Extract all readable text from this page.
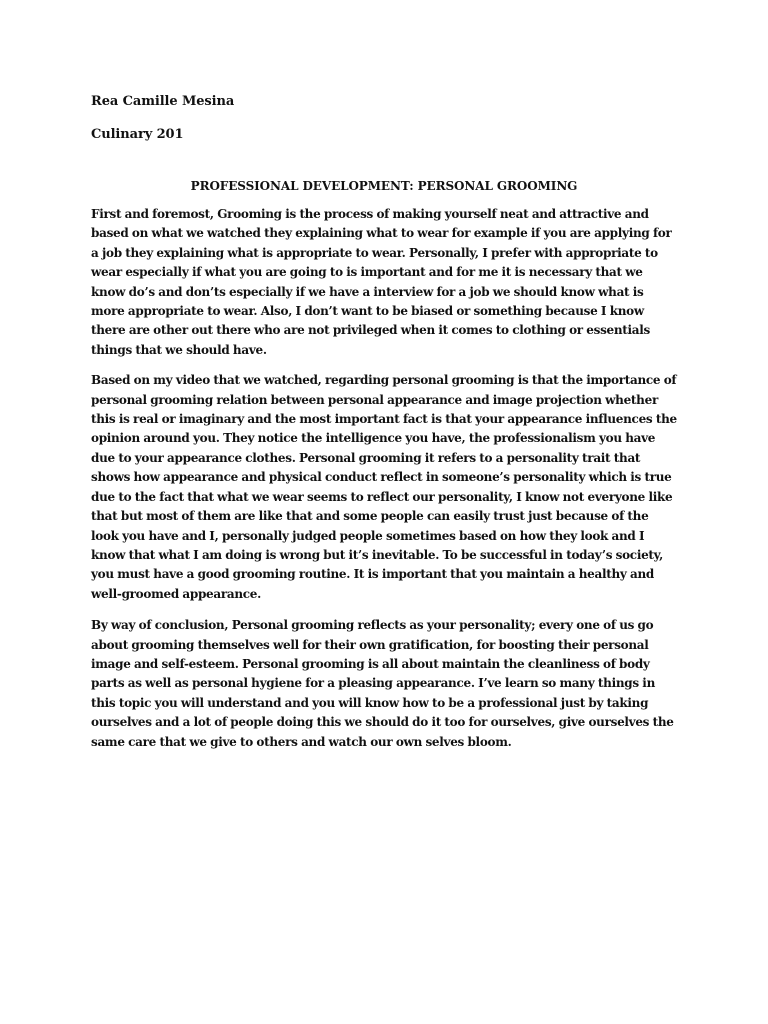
Rea Camille Mesina

Culinary 201

PROFESSIONAL DEVELOPMENT: PERSONAL GROOMING

First and foremost, Grooming is the process of making yourself neat and attractive and based on what we watched they explaining what to wear for example if you are applying for a job they explaining what is appropriate to wear. Personally, I prefer with appropriate to wear especially if what you are going to is important and for me it is necessary that we know do’s and don’ts especially if we have a interview for a job we should know what is more appropriate to wear. Also, I don’t want to be biased or something because I know there are other out there who are not privileged when it comes to clothing or essentials things that we should have.

Based on my video that we watched, regarding personal grooming is that the importance of personal grooming relation between personal appearance and image projection whether this is real or imaginary and the most important fact is that your appearance influences the opinion around you. They notice the intelligence you have, the professionalism you have due to your appearance clothes. Personal grooming it refers to a personality trait that shows how appearance and physical conduct reflect in someone’s personality which is true due to the fact that what we wear seems to reflect our personality, I know not everyone like that but most of them are like that and some people can easily trust just because of the look you have and I, personally judged people sometimes based on how they look and I know that what I am doing is wrong but it’s inevitable. To be successful in today’s society, you must have a good grooming routine. It is important that you maintain a healthy and well-groomed appearance.

By way of conclusion, Personal grooming reflects as your personality; every one of us go about grooming themselves well for their own gratification, for boosting their personal image and self-esteem. Personal grooming is all about maintain the cleanliness of body parts as well as personal hygiene for a pleasing appearance. I’ve learn so many things in this topic you will understand and you will know how to be a professional just by taking ourselves and a lot of people doing this we should do it too for ourselves, give ourselves the same care that we give to others and watch our own selves bloom.
